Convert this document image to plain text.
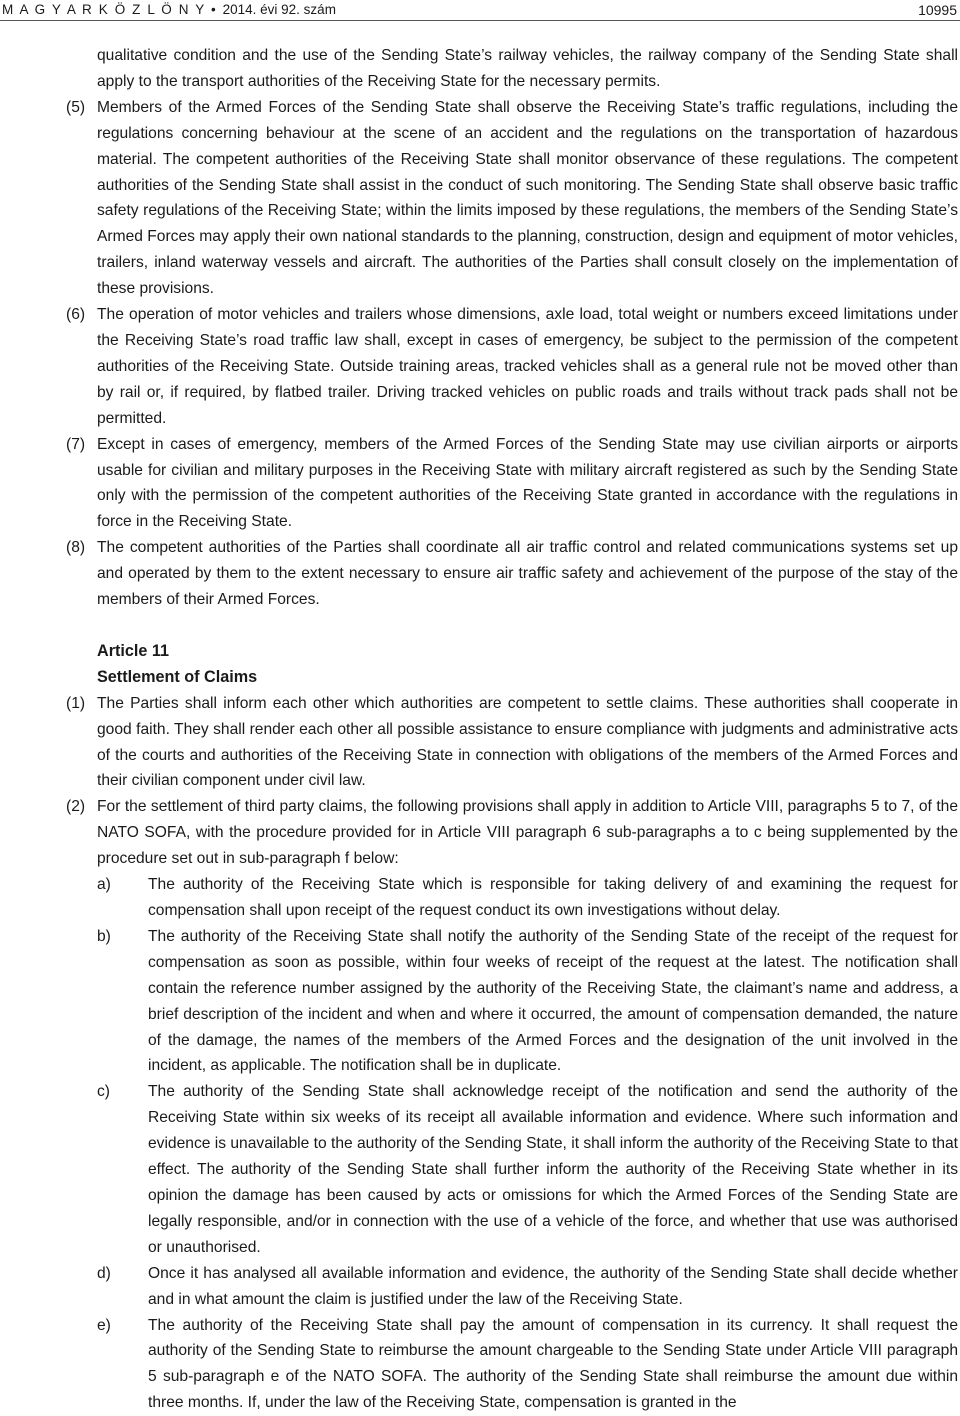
M A G Y A R K Ö Z L Ö N Y • 2014. évi 92. szám	10995

qualitative condition and the use of the Sending State’s railway vehicles, the railway company of the Sending State shall apply to the transport authorities of the Receiving State for the necessary permits.

(5) Members of the Armed Forces of the Sending State shall observe the Receiving State’s traffic regulations, including the regulations concerning behaviour at the scene of an accident and the regulations on the transportation of hazardous material. The competent authorities of the Receiving State shall monitor observance of these regulations. The competent authorities of the Sending State shall assist in the conduct of such monitoring. The Sending State shall observe basic traffic safety regulations of the Receiving State; within the limits imposed by these regulations, the members of the Sending State’s Armed Forces may apply their own national standards to the planning, construction, design and equipment of motor vehicles, trailers, inland waterway vessels and aircraft. The authorities of the Parties shall consult closely on the implementation of these provisions.

(6) The operation of motor vehicles and trailers whose dimensions, axle load, total weight or numbers exceed limitations under the Receiving State’s road traffic law shall, except in cases of emergency, be subject to the permission of the competent authorities of the Receiving State. Outside training areas, tracked vehicles shall as a general rule not be moved other than by rail or, if required, by flatbed trailer. Driving tracked vehicles on public roads and trails without track pads shall not be permitted.

(7) Except in cases of emergency, members of the Armed Forces of the Sending State may use civilian airports or airports usable for civilian and military purposes in the Receiving State with military aircraft registered as such by the Sending State only with the permission of the competent authorities of the Receiving State granted in accordance with the regulations in force in the Receiving State.

(8) The competent authorities of the Parties shall coordinate all air traffic control and related communications systems set up and operated by them to the extent necessary to ensure air traffic safety and achievement of the purpose of the stay of the members of their Armed Forces.

Article 11

Settlement of Claims

(1) The Parties shall inform each other which authorities are competent to settle claims. These authorities shall cooperate in good faith. They shall render each other all possible assistance to ensure compliance with judgments and administrative acts of the courts and authorities of the Receiving State in connection with obligations of the members of the Armed Forces and their civilian component under civil law.

(2) For the settlement of third party claims, the following provisions shall apply in addition to Article VIII, paragraphs 5 to 7, of the NATO SOFA, with the procedure provided for in Article VIII paragraph 6 sub-paragraphs a to c being supplemented by the procedure set out in sub-paragraph f below:

a) The authority of the Receiving State which is responsible for taking delivery of and examining the request for compensation shall upon receipt of the request conduct its own investigations without delay.

b) The authority of the Receiving State shall notify the authority of the Sending State of the receipt of the request for compensation as soon as possible, within four weeks of receipt of the request at the latest. The notification shall contain the reference number assigned by the authority of the Receiving State, the claimant’s name and address, a brief description of the incident and when and where it occurred, the amount of compensation demanded, the nature of the damage, the names of the members of the Armed Forces and the designation of the unit involved in the incident, as applicable. The notification shall be in duplicate.

c) The authority of the Sending State shall acknowledge receipt of the notification and send the authority of the Receiving State within six weeks of its receipt all available information and evidence. Where such information and evidence is unavailable to the authority of the Sending State, it shall inform the authority of the Receiving State to that effect. The authority of the Sending State shall further inform the authority of the Receiving State whether in its opinion the damage has been caused by acts or omissions for which the Armed Forces of the Sending State are legally responsible, and/or in connection with the use of a vehicle of the force, and whether that use was authorised or unauthorised.

d) Once it has analysed all available information and evidence, the authority of the Sending State shall decide whether and in what amount the claim is justified under the law of the Receiving State.

e) The authority of the Receiving State shall pay the amount of compensation in its currency. It shall request the authority of the Sending State to reimburse the amount chargeable to the Sending State under Article VIII paragraph 5 sub-paragraph e of the NATO SOFA. The authority of the Sending State shall reimburse the amount due within three months. If, under the law of the Receiving State, compensation is granted in the
